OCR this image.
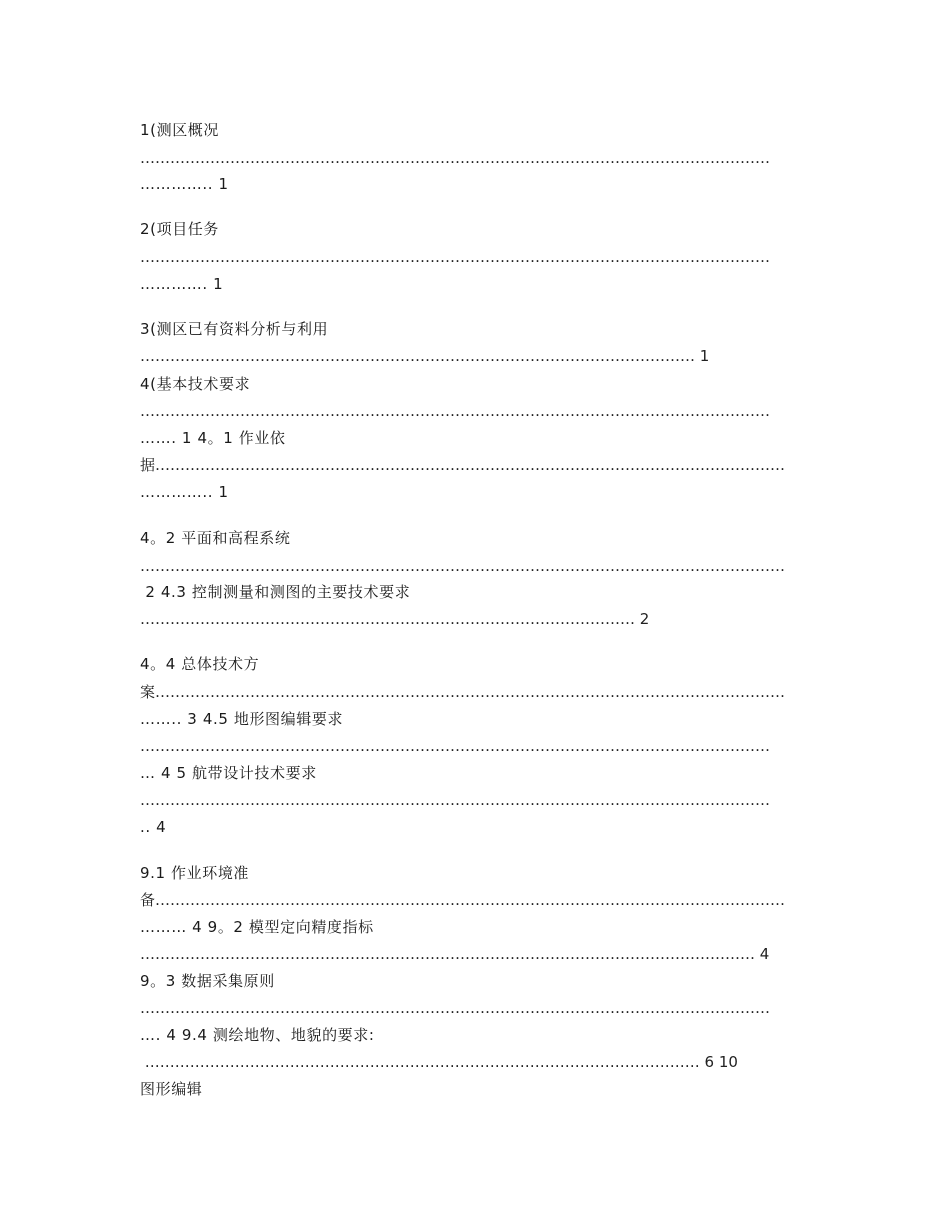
1(测区概况
………………………………………………………………………………………………………………
………….. 1
2(项目任务
………………………………………………………………………………………………………………
…………. 1
3(测区已有资料分析与利用
………………………………………………………………………………………………… 1
4(基本技术要求
………………………………………………………………………………………………………………
……. 1 4。1 作业依
据………………………………………………………………………………………………………………
………….. 1
4。2 平面和高程系统
…………………………………………………………………………………………………………………
2 4.3 控制测量和测图的主要技术要求
……………………………………………………………………………………… 2
4。4 总体技术方
案………………………………………………………………………………………………………………
…….. 3 4.5 地形图编辑要求
………………………………………………………………………………………………………………
… 4 5 航带设计技术要求
………………………………………………………………………………………………………………
.. 4
9.1 作业环境准
备………………………………………………………………………………………………………………
……… 4 9。2 模型定向精度指标
…………………………………………………………………………………………………………… 4
9。3 数据采集原则
………………………………………………………………………………………………………………
…. 4 9.4 测绘地物、地貌的要求:
………………………………………………………………………………………………… 6 10
图形编辑
